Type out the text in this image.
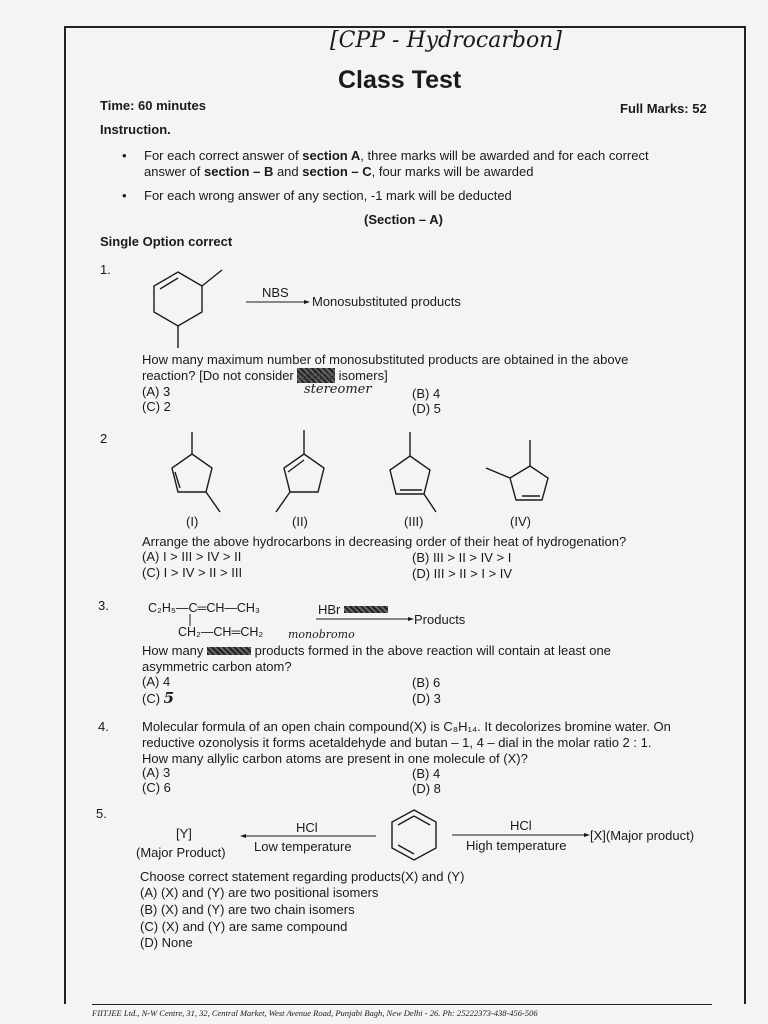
[CPP - Hydrocarbon]
Class Test
Time: 60 minutes	Full Marks: 52
Instruction.
• For each correct answer of section A, three marks will be awarded and for each correct
answer of section – B and section – C, four marks will be awarded
• For each wrong answer of any section, -1 mark will be deducted
(Section – A)
Single Option correct
1.
NBS
Monosubstituted products
How many maximum number of monosubstituted products are obtained in the above
reaction? [Do not consider optical isomers]
stereomer
(A) 3	(B) 4
(C) 2	(D) 5
2
(I)	(II)	(III)	(IV)
Arrange the above hydrocarbons in decreasing order of their heat of hydrogenation?
(A) I > III > IV > II	(B) III > II > IV > I
(C) I > IV > II > III	(D) III > II > I > IV
3.	C₂H₅—C═CH—CH₃
CH₂—CH═CH₂
HBr
Products
monobromo
How many	products formed in the above reaction will contain at least one
asymmetric carbon atom?
(A) 4	(B) 6
(C) 5	(D) 3
4.	Molecular formula of an open chain compound(X) is C₈H₁₄. It decolorizes bromine water. On
reductive ozonolysis it forms acetaldehyde and butan – 1, 4 – dial in the molar ratio 2 : 1.
How many allylic carbon atoms are present in one molecule of (X)?
(A) 3	(B) 4
(C) 6	(D) 8
5.
[Y]
(Major Product)
HCl
Low temperature
HCl
High temperature
[X](Major product)
Choose correct statement regarding products(X) and (Y)
(A) (X) and (Y) are two positional isomers
(B) (X) and (Y) are two chain isomers
(C) (X) and (Y) are same compound
(D) None
FIITJEE Ltd., N-W Centre, 31, 32, Central Market, West Avenue Road, Punjabi Bagh, New Delhi - 26. Ph: 25222373-438-456-506
